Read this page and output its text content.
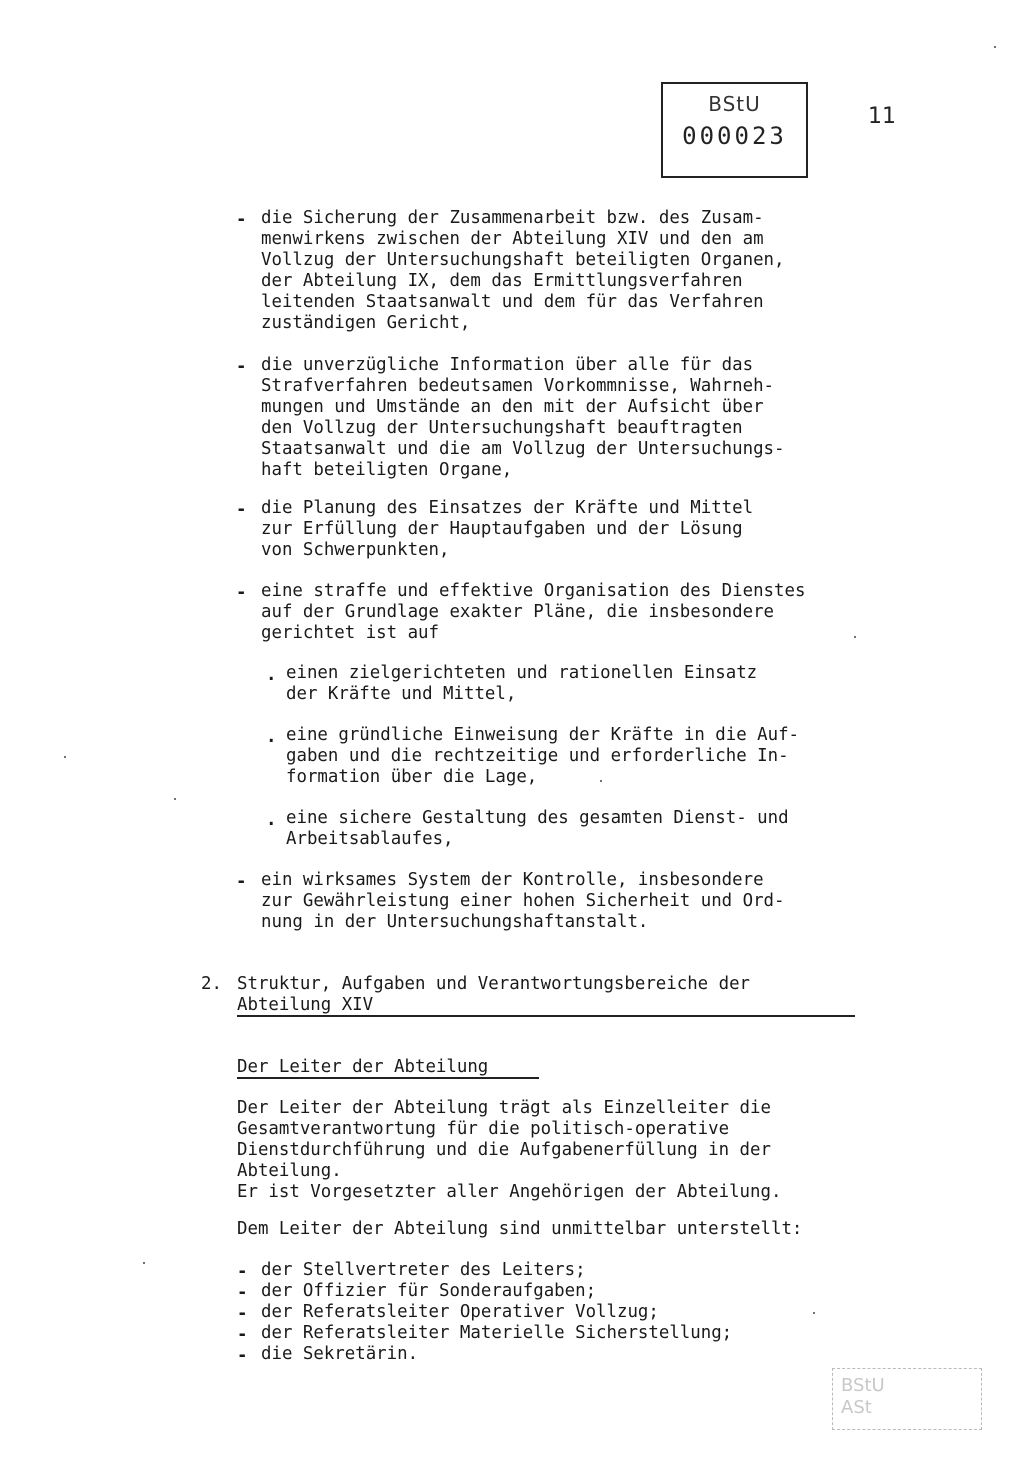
BStU
000023
11
- die Sicherung der Zusammenarbeit bzw. des Zusam-
menwirkens zwischen der Abteilung XIV und den am
Vollzug der Untersuchungshaft beteiligten Organen,
der Abteilung IX, dem das Ermittlungsverfahren
leitenden Staatsanwalt und dem für das Verfahren
zuständigen Gericht,
- die unverzügliche Information über alle für das
Strafverfahren bedeutsamen Vorkommnisse, Wahrneh-
mungen und Umstände an den mit der Aufsicht über
den Vollzug der Untersuchungshaft beauftragten
Staatsanwalt und die am Vollzug der Untersuchungs-
haft beteiligten Organe,
- die Planung des Einsatzes der Kräfte und Mittel
zur Erfüllung der Hauptaufgaben und der Lösung
von Schwerpunkten,
- eine straffe und effektive Organisation des Dienstes
auf der Grundlage exakter Pläne, die insbesondere
gerichtet ist auf
. einen zielgerichteten und rationellen Einsatz
der Kräfte und Mittel,
. eine gründliche Einweisung der Kräfte in die Auf-
gaben und die rechtzeitige und erforderliche In-
formation über die Lage,
. eine sichere Gestaltung des gesamten Dienst- und
Arbeitsablaufes,
- ein wirksames System der Kontrolle, insbesondere
zur Gewährleistung einer hohen Sicherheit und Ord-
nung in der Untersuchungshaftanstalt.
2. Struktur, Aufgaben und Verantwortungsbereiche der
Abteilung XIV
Der Leiter der Abteilung
Der Leiter der Abteilung trägt als Einzelleiter die
Gesamtverantwortung für die politisch-operative
Dienstdurchführung und die Aufgabenerfüllung in der
Abteilung.
Er ist Vorgesetzter aller Angehörigen der Abteilung.
Dem Leiter der Abteilung sind unmittelbar unterstellt:
- der Stellvertreter des Leiters;
- der Offizier für Sonderaufgaben;
- der Referatsleiter Operativer Vollzug;
- der Referatsleiter Materielle Sicherstellung;
- die Sekretärin.
BStU
ASt
